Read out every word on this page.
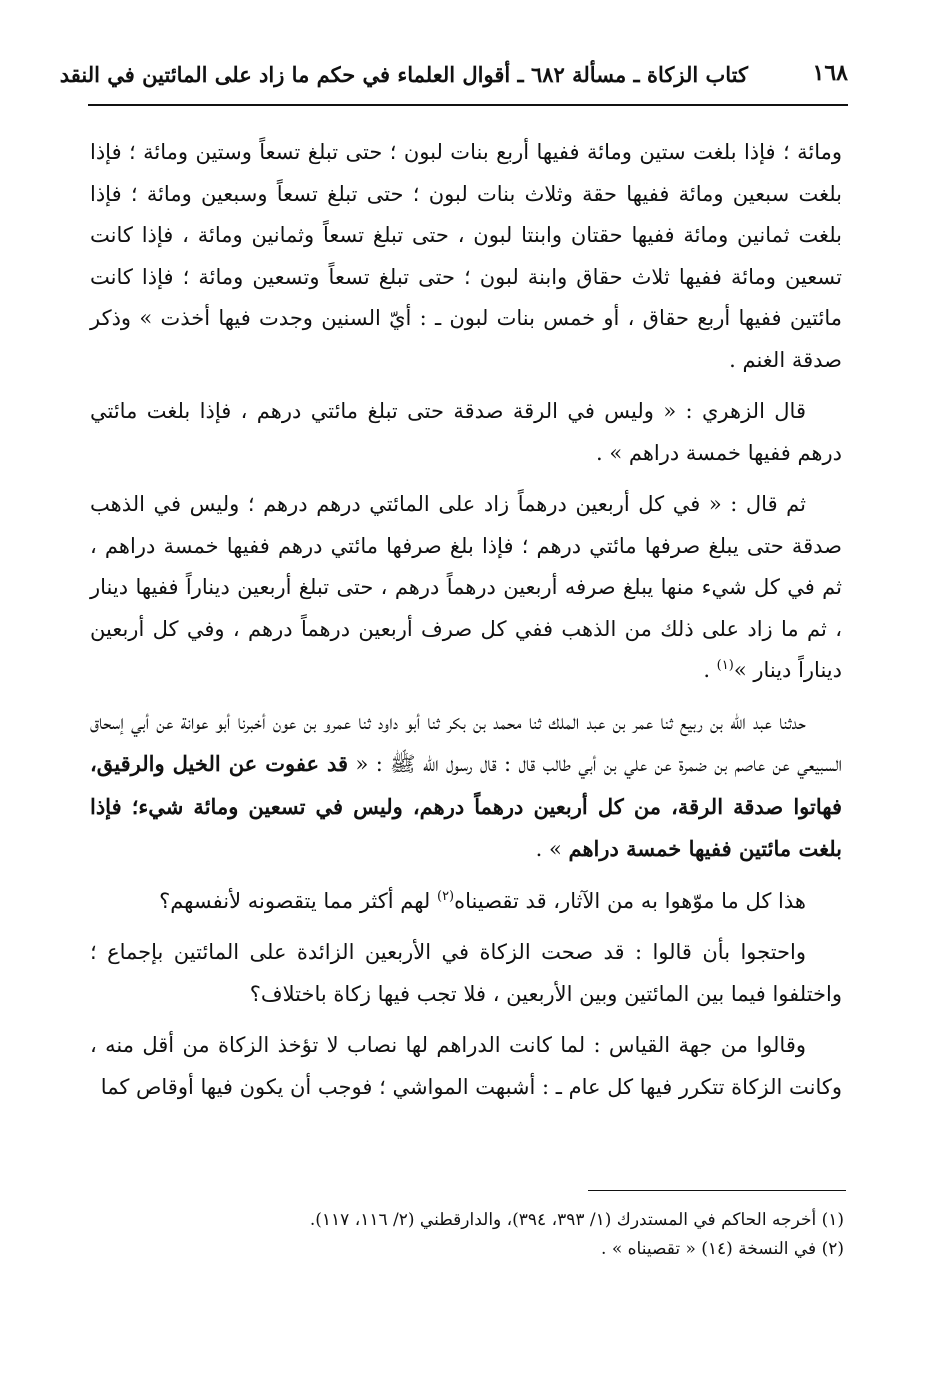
١٦٨
كتاب الزكاة ـ مسألة ٦٨٢ ـ أقوال العلماء في حكم ما زاد على المائتين في النقد

ومائة ؛ فإذا بلغت ستين ومائة ففيها أربع بنات لبون ؛ حتى تبلغ تسعاً وستين ومائة ؛ فإذا بلغت سبعين ومائة ففيها حقة وثلاث بنات لبون ؛ حتى تبلغ تسعاً وسبعين ومائة ؛ فإذا بلغت ثمانين ومائة ففيها حقتان وابنتا لبون ، حتى تبلغ تسعاً وثمانين ومائة ، فإذا كانت تسعين ومائة ففيها ثلاث حقاق وابنة لبون ؛ حتى تبلغ تسعاً وتسعين ومائة ؛ فإذا كانت مائتين ففيها أربع حقاق ، أو خمس بنات لبون ـ : أيّ السنين وجدت فيها أخذت » وذكر صدقة الغنم .

قال الزهري : « وليس في الرقة صدقة حتى تبلغ مائتي درهم ، فإذا بلغت مائتي درهم ففيها خمسة دراهم » .

ثم قال : « في كل أربعين درهماً زاد على المائتي درهم درهم ؛ وليس في الذهب صدقة حتى يبلغ صرفها مائتي درهم ؛ فإذا بلغ صرفها مائتي درهم ففيها خمسة دراهم ، ثم في كل شيء منها يبلغ صرفه أربعين درهماً درهم ، حتى تبلغ أربعين ديناراً ففيها دينار ، ثم ما زاد على ذلك من الذهب ففي كل صرف أربعين درهماً درهم ، وفي كل أربعين ديناراً دينار »$^{(١)}$ .

حدثنا عبد الله بن ربيع ثنا عمر بن عبد الملك ثنا محمد بن بكر ثنا أبو داود ثنا عمرو بن عون أخبرنا أبو عوانة عن أبي إسحاق السبيعي عن عاصم بن ضمرة عن علي بن أبي طالب قال : قال رسول الله ﷺ : « قد عفوت عن الخيل والرقيق، فهاتوا صدقة الرقة، من كل أربعين درهماً درهم، وليس في تسعين ومائة شيء؛ فإذا بلغت مائتين ففيها خمسة دراهم » .

هذا كل ما موّهوا به من الآثار، قد تقصيناه$^{(٢)}$ لهم أكثر مما يتقصونه لأنفسهم؟

واحتجوا بأن قالوا : قد صحت الزكاة في الأربعين الزائدة على المائتين بإجماع ؛ واختلفوا فيما بين المائتين وبين الأربعين ، فلا تجب فيها زكاة باختلاف؟

وقالوا من جهة القياس : لما كانت الدراهم لها نصاب لا تؤخذ الزكاة من أقل منه ، وكانت الزكاة تتكرر فيها كل عام ـ : أشبهت المواشي ؛ فوجب أن يكون فيها أوقاص كما

(١) أخرجه الحاكم في المستدرك (١/ ٣٩٣، ٣٩٤)، والدارقطني (٢/ ١١٦، ١١٧).

(٢) في النسخة (١٤) « تقصيناه » .
